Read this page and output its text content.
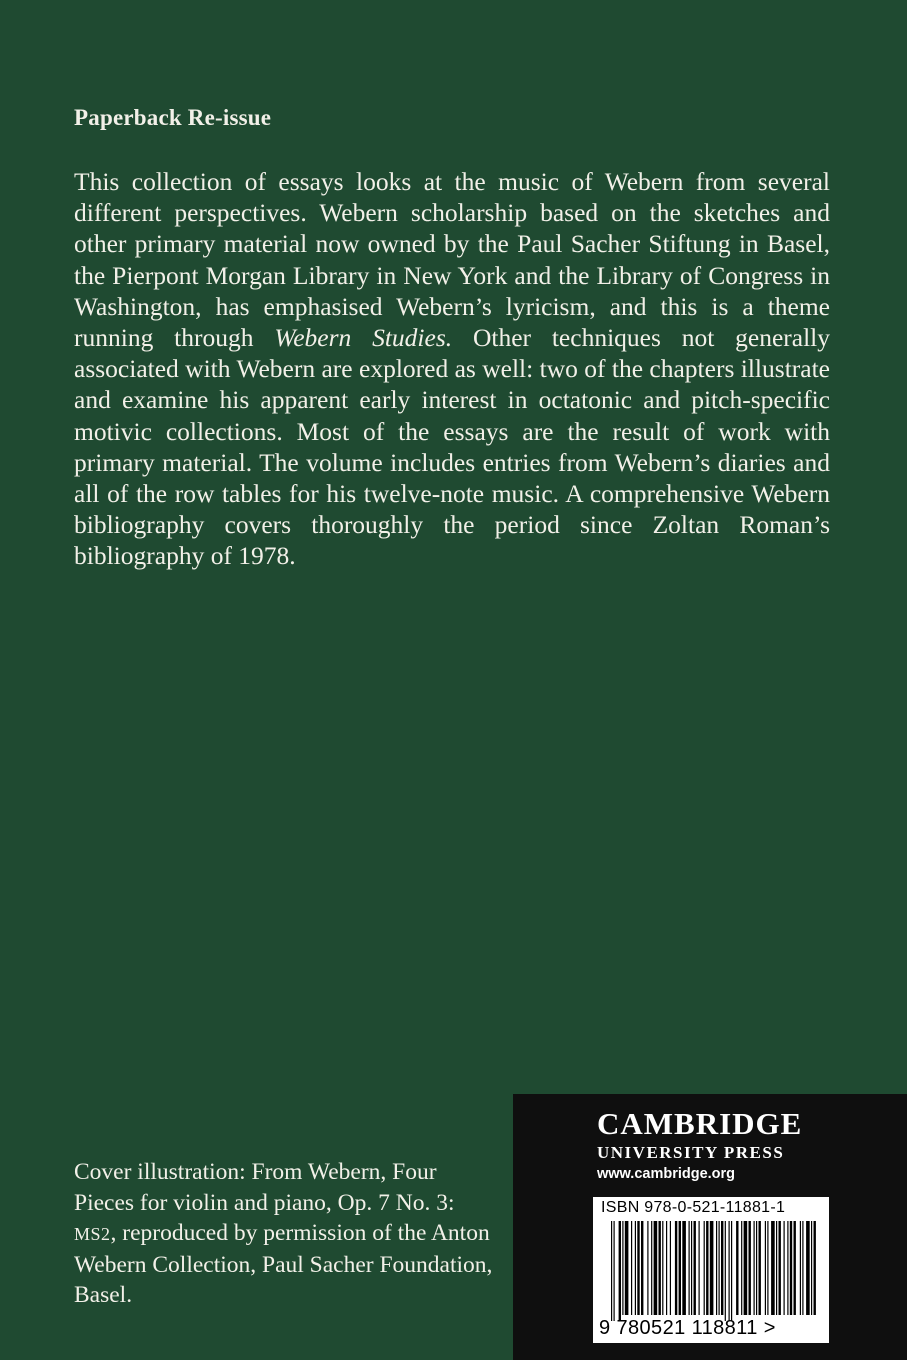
Paperback Re-issue

This collection of essays looks at the music of Webern from several different perspectives. Webern scholarship based on the sketches and other primary material now owned by the Paul Sacher Stiftung in Basel, the Pierpont Morgan Library in New York and the Library of Congress in Washington, has emphasised Webern’s lyricism, and this is a theme running through Webern Studies. Other techniques not generally associated with Webern are explored as well: two of the chapters illustrate and examine his apparent early interest in octatonic and pitch-specific motivic collections. Most of the essays are the result of work with primary material. The volume includes entries from Webern’s diaries and all of the row tables for his twelve-note music. A comprehensive Webern bibliography covers thoroughly the period since Zoltan Roman’s bibliography of 1978.

Cover illustration: From Webern, Four Pieces for violin and piano, Op. 7 No. 3: MS2, reproduced by permission of the Anton Webern Collection, Paul Sacher Foundation, Basel.

CAMBRIDGE
UNIVERSITY PRESS
www.cambridge.org
ISBN 978-0-521-11881-1
9 780521 118811 >
